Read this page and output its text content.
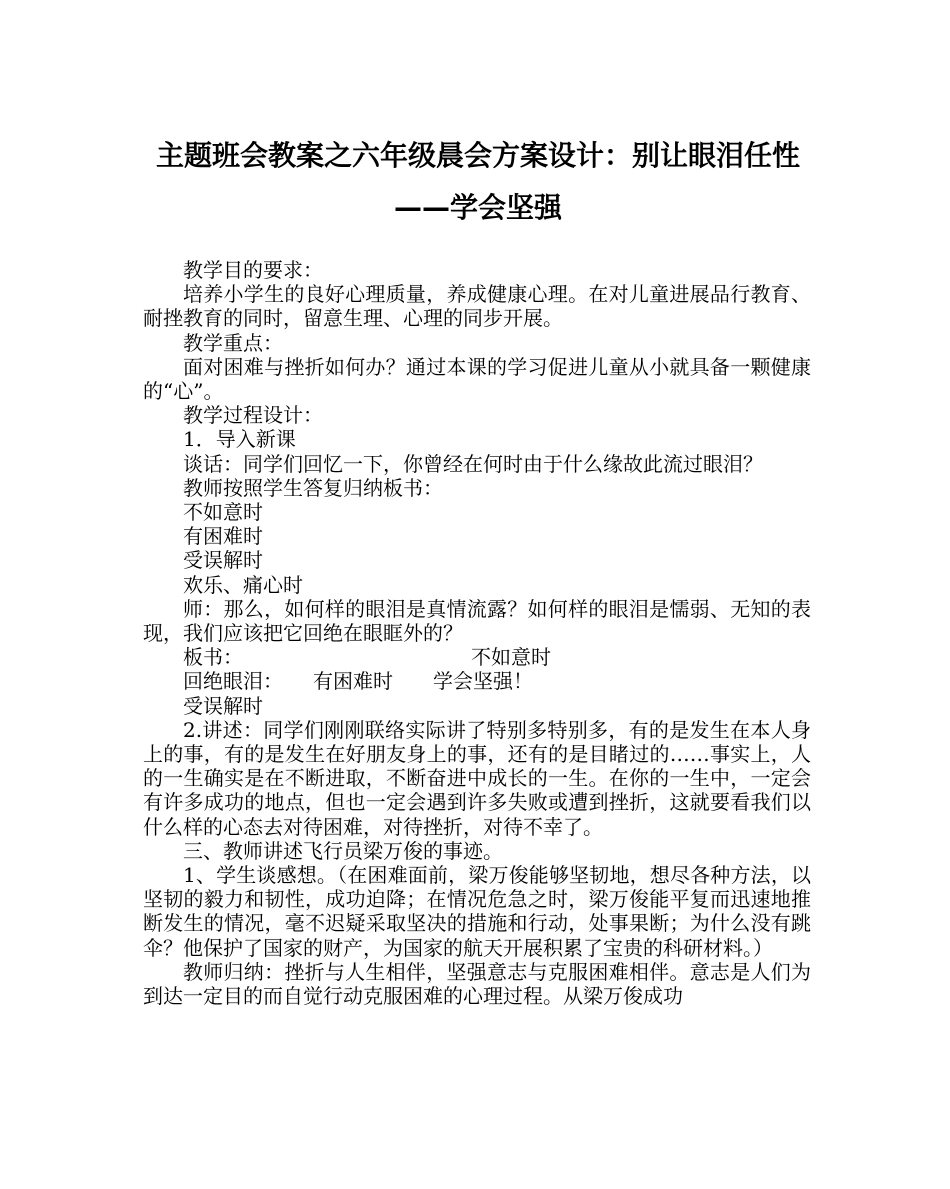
主题班会教案之六年级晨会方案设计：别让眼泪任性——学会坚强

教学目的要求：

培养小学生的良好心理质量，养成健康心理。在对儿童进展品行教育、耐挫教育的同时，留意生理、心理的同步开展。

教学重点：

面对困难与挫折如何办？通过本课的学习促进儿童从小就具备一颗健康的“心”。

教学过程设计：

1．导入新课

谈话：同学们回忆一下，你曾经在何时由于什么缘故此流过眼泪？

教师按照学生答复归纳板书：

不如意时

有困难时

受误解时

欢乐、痛心时

师：那么，如何样的眼泪是真情流露？如何样的眼泪是懦弱、无知的表现，我们应该把它回绝在眼眶外的？

板书：	不如意时
回绝眼泪： 有困难时 学会坚强！
受误解时

2.讲述：同学们刚刚联络实际讲了特别多特别多，有的是发生在本人身上的事，有的是发生在好朋友身上的事，还有的是目睹过的……事实上，人的一生确实是在不断进取，不断奋进中成长的一生。在你的一生中，一定会有许多成功的地点，但也一定会遇到许多失败或遭到挫折，这就要看我们以什么样的心态去对待困难，对待挫折，对待不幸了。

三、教师讲述飞行员梁万俊的事迹。

1、学生谈感想。（在困难面前，梁万俊能够坚韧地，想尽各种方法，以坚韧的毅力和韧性，成功迫降；在情况危急之时，梁万俊能平复而迅速地推断发生的情况，毫不迟疑采取坚决的措施和行动，处事果断；为什么没有跳伞？他保护了国家的财产，为国家的航天开展积累了宝贵的科研材料。）

教师归纳：挫折与人生相伴，坚强意志与克服困难相伴。意志是人们为到达一定目的而自觉行动克服困难的心理过程。从梁万俊成功
